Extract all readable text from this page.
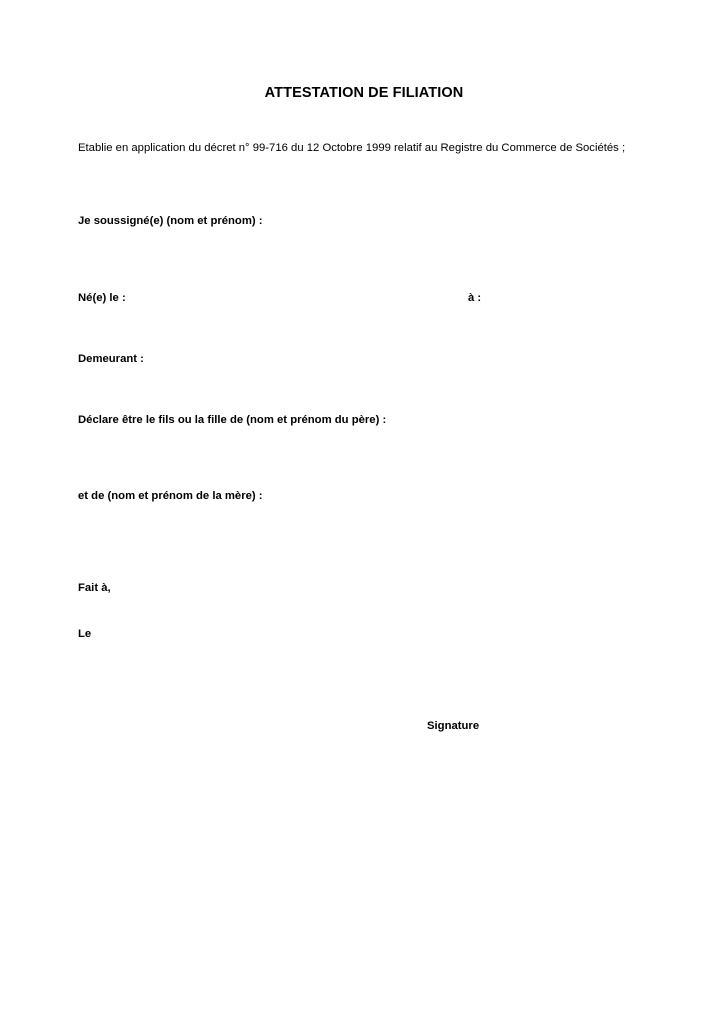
ATTESTATION DE FILIATION
Etablie en application du décret n° 99-716 du 12 Octobre 1999 relatif au Registre du Commerce de Sociétés ;
Je soussigné(e) (nom et prénom) :
Né(e) le :	à :
Demeurant :
Déclare être le fils ou la fille de (nom et prénom du père) :
et de (nom et prénom de la mère) :
Fait à,
Le
Signature
